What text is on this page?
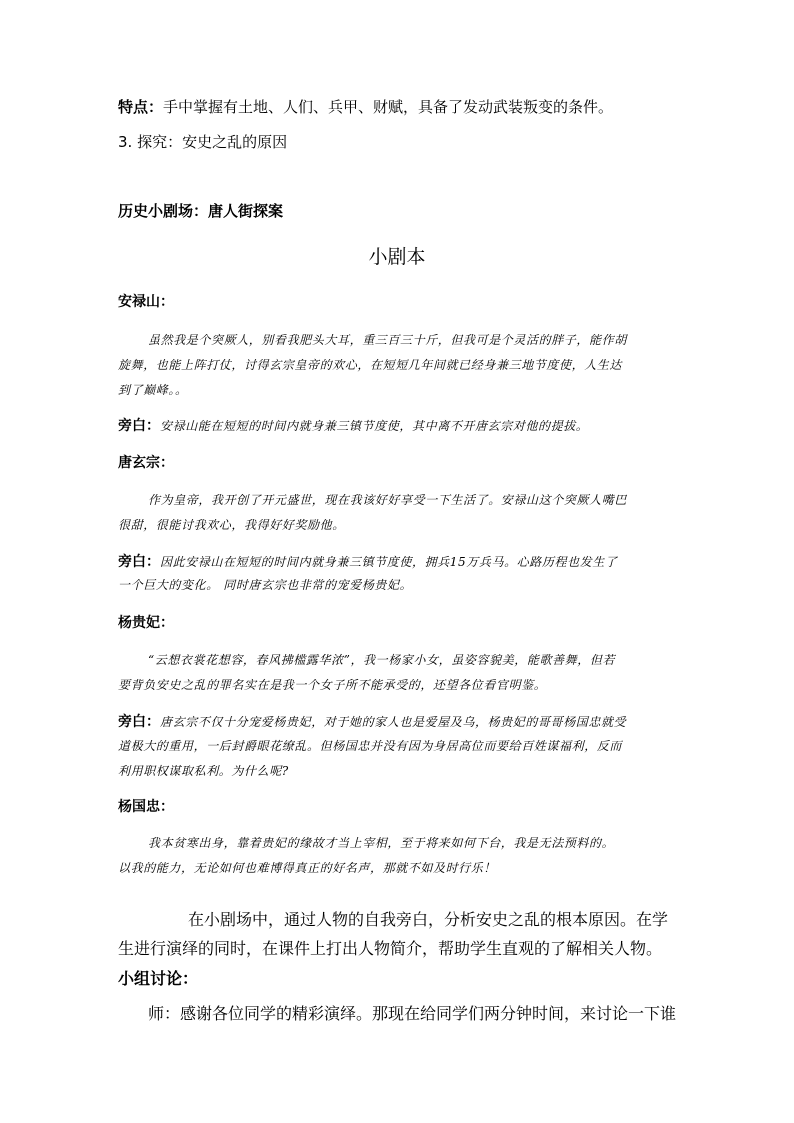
特点：手中掌握有土地、人们、兵甲、财赋，具备了发动武装叛变的条件。
3. 探究：安史之乱的原因
历史小剧场：唐人街探案
小剧本
安禄山：
虽然我是个突厥人，别看我肥头大耳，重三百三十斤，但我可是个灵活的胖子，能作胡
旋舞，也能上阵打仗，讨得玄宗皇帝的欢心，在短短几年间就已经身兼三地节度使，人生达
到了巅峰。。
旁白：安禄山能在短短的时间内就身兼三镇节度使，其中离不开唐玄宗对他的提拔。
唐玄宗：
作为皇帝，我开创了开元盛世，现在我该好好享受一下生活了。安禄山这个突厥人嘴巴
很甜，很能讨我欢心，我得好好奖励他。
旁白：因此安禄山在短短的时间内就身兼三镇节度使，拥兵15万兵马。心路历程也发生了
一个巨大的变化。 同时唐玄宗也非常的宠爱杨贵妃。
杨贵妃：
“云想衣裳花想容，春风拂槛露华浓”，我一杨家小女，虽姿容貌美，能歌善舞，但若
要背负安史之乱的罪名实在是我一个女子所不能承受的，还望各位看官明鉴。
旁白：唐玄宗不仅十分宠爱杨贵妃，对于她的家人也是爱屋及乌，杨贵妃的哥哥杨国忠就受
道极大的重用，一后封爵眼花缭乱。但杨国忠并没有因为身居高位而要给百姓谋福利，反而
利用职权谋取私利。为什么呢?
杨国忠：
我本贫寒出身，靠着贵妃的缘故才当上宰相，至于将来如何下台，我是无法预料的。
以我的能力，无论如何也难博得真正的好名声，那就不如及时行乐！
在小剧场中，通过人物的自我旁白，分析安史之乱的根本原因。在学
生进行演绎的同时，在课件上打出人物简介，帮助学生直观的了解相关人物。
小组讨论：
师：感谢各位同学的精彩演绎。那现在给同学们两分钟时间，来讨论一下谁
